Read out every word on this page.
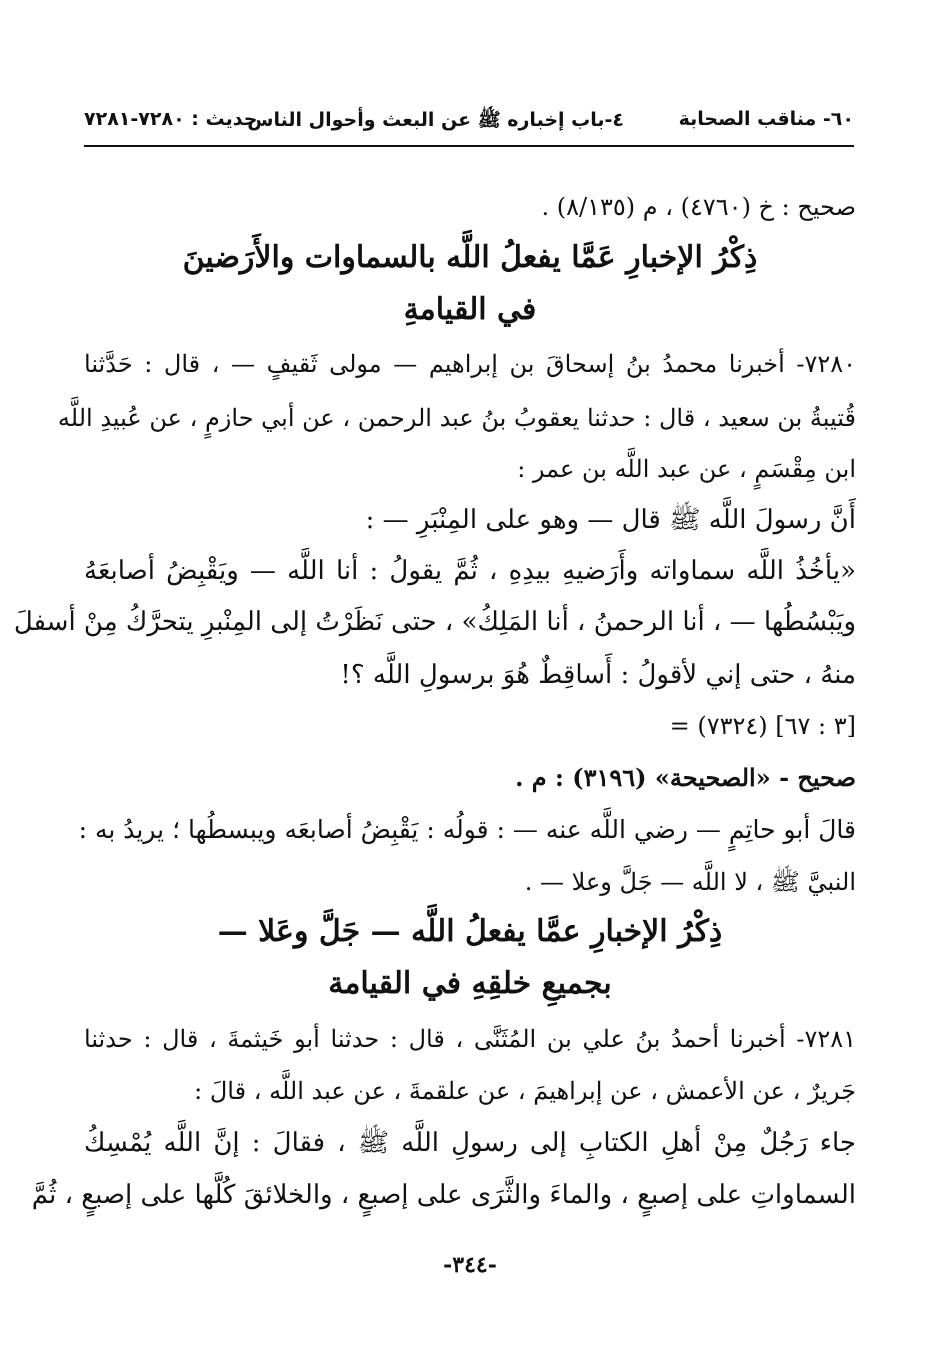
٦٠- مناقب الصحابة
٤-باب إخباره ﷺ عن البعث وأحوال الناس
حديث : ٧٢٨٠-٧٢٨١
صحيح : خ (٤٧٦٠) ، م (٨/١٣٥) .
ذِكْرُ الإخبارِ عَمَّا يفعلُ اللَّه بالسماوات والأَرَضينَ
في القيامةِ
٧٢٨٠- أخبرنا محمدُ بنُ إسحاقَ بن إبراهيم — مولى ثَقيفٍ — ، قال : حَدَّثنا
قُتيبةُ بن سعيد ، قال : حدثنا يعقوبُ بنُ عبد الرحمن ، عن أبي حازمٍ ، عن عُبيدِ اللَّه
ابن مِقْسَمٍ ، عن عبد اللَّه بن عمر :
أَنَّ رسولَ اللَّه ﷺ قال — وهو على المِنْبَرِ — :
«يأخُذُ اللَّه سماواته وأَرَضيهِ بيدِهِ ، ثُمَّ يقولُ : أنا اللَّه — ويَقْبِضُ أصابعَهُ
ويَبْسُطُها — ، أنا الرحمنُ ، أنا المَلِكُ» ، حتى نَظَرْتُ إلى المِنْبرِ يتحرَّكُ مِنْ أسفلَ
منهُ ، حتى إني لأقولُ : أَساقِطٌ هُوَ برسولِ اللَّه ؟!
= (٧٣٢٤) [٣ : ٦٧]
صحيح - «الصحيحة» (٣١٩٦) : م .
قالَ أبو حاتِمٍ — رضي اللَّه عنه — : قولُه : يَقْبِضُ أصابعَه ويبسطُها ؛ يريدُ به :
النبيَّ ﷺ ، لا اللَّه — جَلَّ وعلا — .
ذِكْرُ الإخبارِ عمَّا يفعلُ اللَّه — جَلَّ وعَلا —
بجميعِ خلقِهِ في القيامة
٧٢٨١- أخبرنا أحمدُ بنُ علي بن المُثَنَّى ، قال : حدثنا أبو خَيثمةَ ، قال : حدثنا
جَريرٌ ، عن الأعمش ، عن إبراهيمَ ، عن علقمةَ ، عن عبد اللَّه ، قالَ :
جاء رَجُلٌ مِنْ أهلِ الكتابِ إلى رسولِ اللَّه ﷺ ، فقالَ : إنَّ اللَّه يُمْسِكُ
السماواتِ على إصبعٍ ، والماءَ والثَّرَى على إصبعٍ ، والخلائقَ كُلَّها على إصبعٍ ، ثُمَّ
-٣٤٤-
